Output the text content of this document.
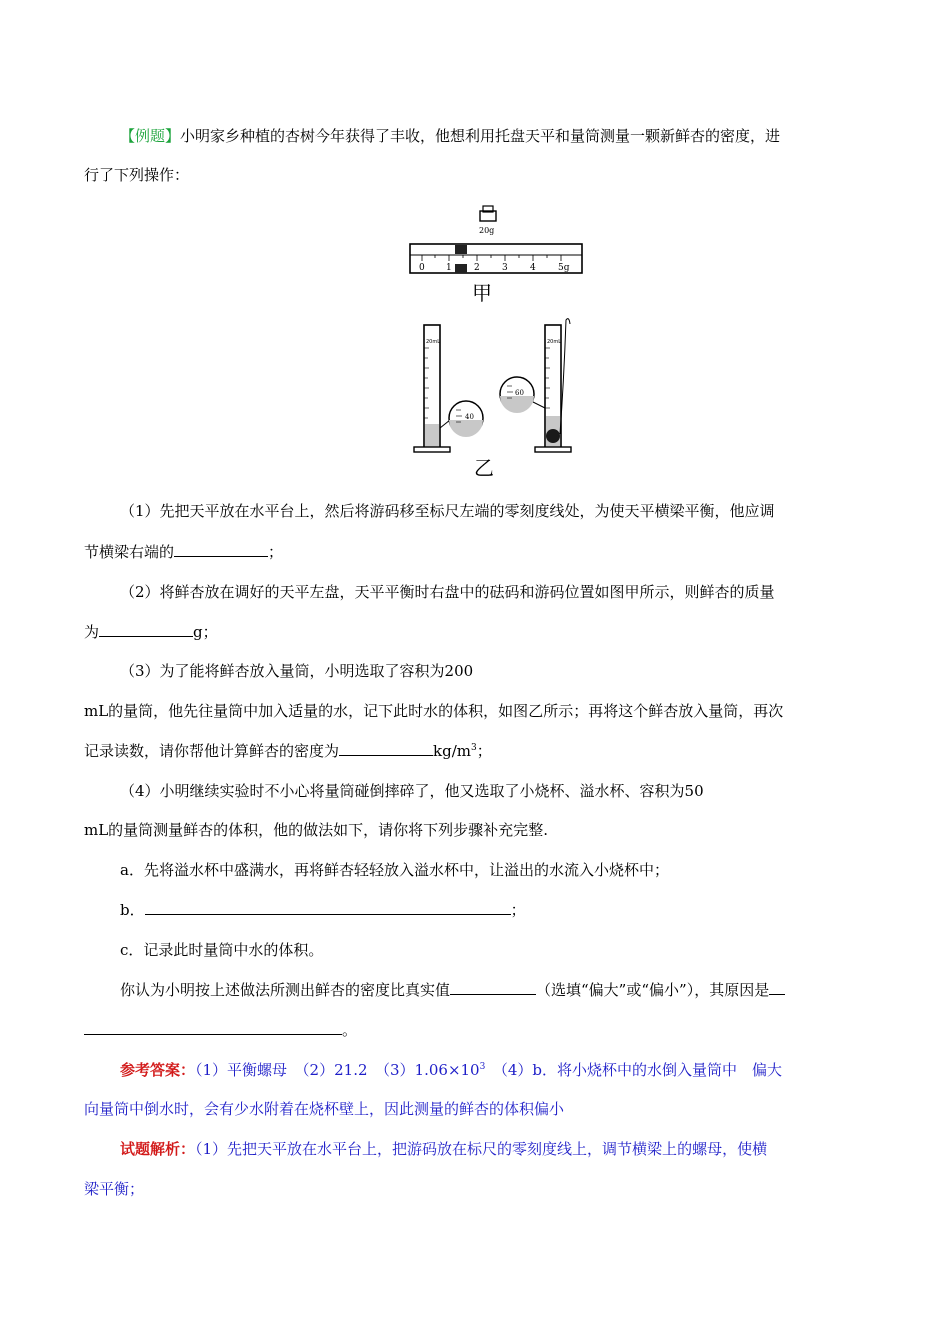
【例题】小明家乡种植的杏树今年获得了丰收，他想利用托盘天平和量筒测量一颗新鲜杏的密度，进
行了下列操作：
20g
0 1 2 3 4 5g
甲
20mL
40
20mL
60
乙
（1）先把天平放在水平台上，然后将游码移至标尺左端的零刻度线处，为使天平横梁平衡，他应调
节横梁右端的	；
（2）将鲜杏放在调好的天平左盘，天平平衡时右盘中的砝码和游码位置如图甲所示，则鲜杏的质量
为	g；
（3）为了能将鲜杏放入量筒，小明选取了容积为200
mL的量筒，他先往量筒中加入适量的水，记下此时水的体积，如图乙所示；再将这个鲜杏放入量筒，再次
记录读数，请你帮他计算鲜杏的密度为	$kg/m^3$；
（4）小明继续实验时不小心将量筒碰倒摔碎了，他又选取了小烧杯、溢水杯、容积为50
mL的量筒测量鲜杏的体积，他的做法如下，请你将下列步骤补充完整.
a．先将溢水杯中盛满水，再将鲜杏轻轻放入溢水杯中，让溢出的水流入小烧杯中；
b．	；
c．记录此时量筒中水的体积。
你认为小明按上述做法所测出鲜杏的密度比真实值	（选填“偏大”或“偏小”），其原因是
。
参考答案：（1）平衡螺母　（2）21.2　$(3)1.06\times 10^3$　（4）b．将小烧杯中的水倒入量筒中　偏大
向量筒中倒水时，会有少水附着在烧杯壁上，因此测量的鲜杏的体积偏小
试题解析：（1）先把天平放在水平台上，把游码放在标尺的零刻度线上，调节横梁上的螺母，使横
梁平衡；
